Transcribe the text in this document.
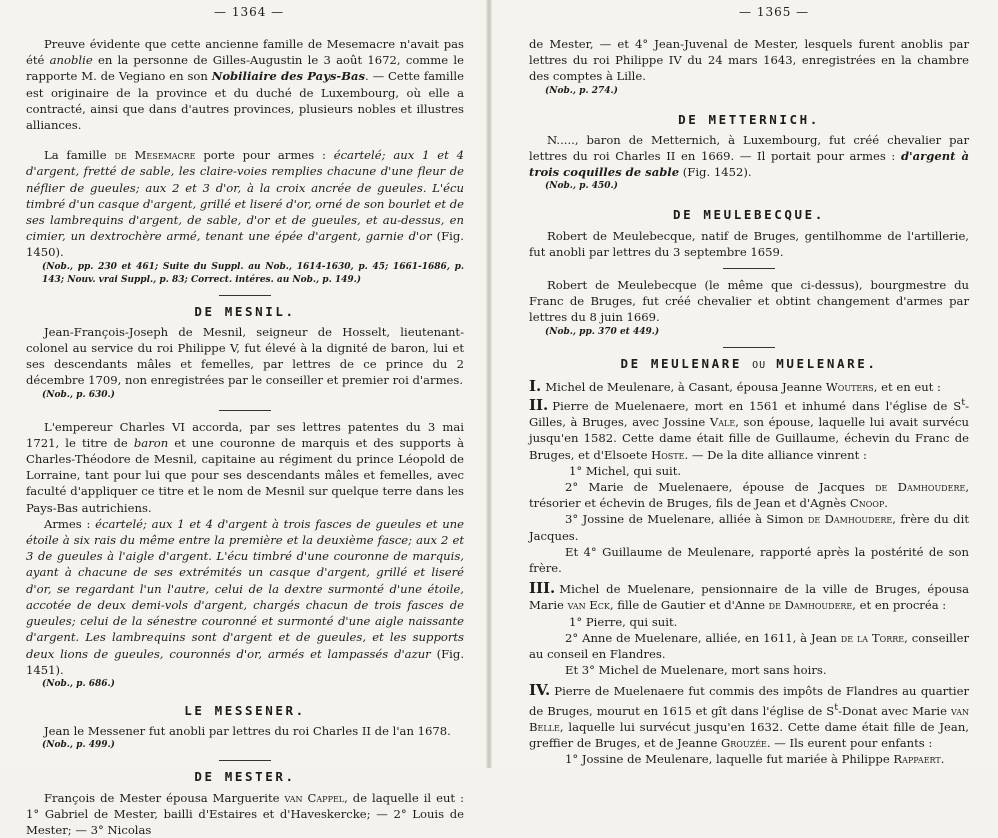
— 1364 —

Preuve évidente que cette ancienne famille de Mesemacre n'avait pas été anoblie en la personne de Gilles-Augustin le 3 août 1672, comme le rapporte M. de Vegiano en son Nobiliaire des Pays-Bas. — Cette famille est originaire de la province et du duché de Luxembourg, où elle a contracté, ainsi que dans d'autres provinces, plusieurs nobles et illustres alliances.

La famille de Mesemacre porte pour armes : écartelé; aux 1 et 4 d'argent, fretté de sable, les claire-voies remplies chacune d'une fleur de néflier de gueules; aux 2 et 3 d'or, à la croix ancrée de gueules. L'écu timbré d'un casque d'argent, grillé et liseré d'or, orné de son bourlet et de ses lambrequins d'argent, de sable, d'or et de gueules, et au-dessus, en cimier, un dextrochère armé, tenant une épée d'argent, garnie d'or (Fig. 1450).

(Nob., pp. 230 et 461; Suite du Suppl. au Nob., 1614-1630, p. 45; 1661-1686, p. 143; Nouv. vrai Suppl., p. 83; Correct. intéres. au Nob., p. 149.)

DE MESNIL.

Jean-François-Joseph de Mesnil, seigneur de Hosselt, lieutenant-colonel au service du roi Philippe V, fut élevé à la dignité de baron, lui et ses descendants mâles et femelles, par lettres de ce prince du 2 décembre 1709, non enregistrées par le conseiller et premier roi d'armes.

(Nob., p. 630.)

L'empereur Charles VI accorda, par ses lettres patentes du 3 mai 1721, le titre de baron et une couronne de marquis et des supports à Charles-Théodore de Mesnil, capitaine au régiment du prince Léopold de Lorraine, tant pour lui que pour ses descendants mâles et femelles, avec faculté d'appliquer ce titre et le nom de Mesnil sur quelque terre dans les Pays-Bas autrichiens.

Armes : écartelé; aux 1 et 4 d'argent à trois fasces de gueules et une étoile à six rais du même entre la première et la deuxième fasce; aux 2 et 3 de gueules à l'aigle d'argent. L'écu timbré d'une couronne de marquis, ayant à chacune de ses extrémités un casque d'argent, grillé et liseré d'or, se regardant l'un l'autre, celui de la dextre surmonté d'une étoile, accotée de deux demi-vols d'argent, chargés chacun de trois fasces de gueules; celui de la sénestre couronné et surmonté d'une aigle naissante d'argent. Les lambrequins sont d'argent et de gueules, et les supports deux lions de gueules, couronnés d'or, armés et lampassés d'azur (Fig. 1451).

(Nob., p. 686.)

LE MESSENER.

Jean le Messener fut anobli par lettres du roi Charles II de l'an 1678.

(Nob., p. 499.)

DE MESTER.

François de Mester épousa Marguerite van Cappel, de laquelle il eut : 1° Gabriel de Mester, bailli d'Estaires et d'Haveskercke; — 2° Louis de Mester; — 3° Nicolas

— 1365 —

de Mester, — et 4° Jean-Juvenal de Mester, lesquels furent anoblis par lettres du roi Philippe IV du 24 mars 1643, enregistrées en la chambre des comptes à Lille.

(Nob., p. 274.)

DE METTERNICH.

N....., baron de Metternich, à Luxembourg, fut créé chevalier par lettres du roi Charles II en 1669. — Il portait pour armes : d'argent à trois coquilles de sable (Fig. 1452).

(Nob., p. 450.)

DE MEULEBECQUE.

Robert de Meulebecque, natif de Bruges, gentilhomme de l'artillerie, fut anobli par lettres du 3 septembre 1659.

Robert de Meulebecque (le même que ci-dessus), bourgmestre du Franc de Bruges, fut créé chevalier et obtint changement d'armes par lettres du 8 juin 1669.

(Nob., pp. 370 et 449.)

DE MEULENARE OU MUELENARE.

I. Michel de Meulenare, à Casant, épousa Jeanne Wouters, et en eut :

II. Pierre de Muelenaere, mort en 1561 et inhumé dans l'église de $S^t$-Gilles, à Bruges, avec Jossine Vale, son épouse, laquelle lui avait survécu jusqu'en 1582. Cette dame était fille de Guillaume, échevin du Franc de Bruges, et d'Elsoete Hoste. — De la dite alliance vinrent :

1° Michel, qui suit.

2° Marie de Muelenaere, épouse de Jacques de Damhoudere, trésorier et échevin de Bruges, fils de Jean et d'Agnès Cnoop.

3° Jossine de Muelenare, alliée à Simon de Damhoudere, frère du dit Jacques.

Et 4° Guillaume de Meulenare, rapporté après la postérité de son frère.

III. Michel de Muelenare, pensionnaire de la ville de Bruges, épousa Marie van Eck, fille de Gautier et d'Anne de Damhoudere, et en procréa :

1° Pierre, qui suit.

2° Anne de Muelenare, alliée, en 1611, à Jean de la Torre, conseiller au conseil en Flandres.

Et 3° Michel de Muelenare, mort sans hoirs.

IV. Pierre de Muelenaere fut commis des impôts de Flandres au quartier de Bruges, mourut en 1615 et gît dans l'église de $S^t$-Donat avec Marie van Belle, laquelle lui survécut jusqu'en 1632. Cette dame était fille de Jean, greffier de Bruges, et de Jeanne Grouzée. — Ils eurent pour enfants :

1° Jossine de Meulenare, laquelle fut mariée à Philippe Rappaert.
